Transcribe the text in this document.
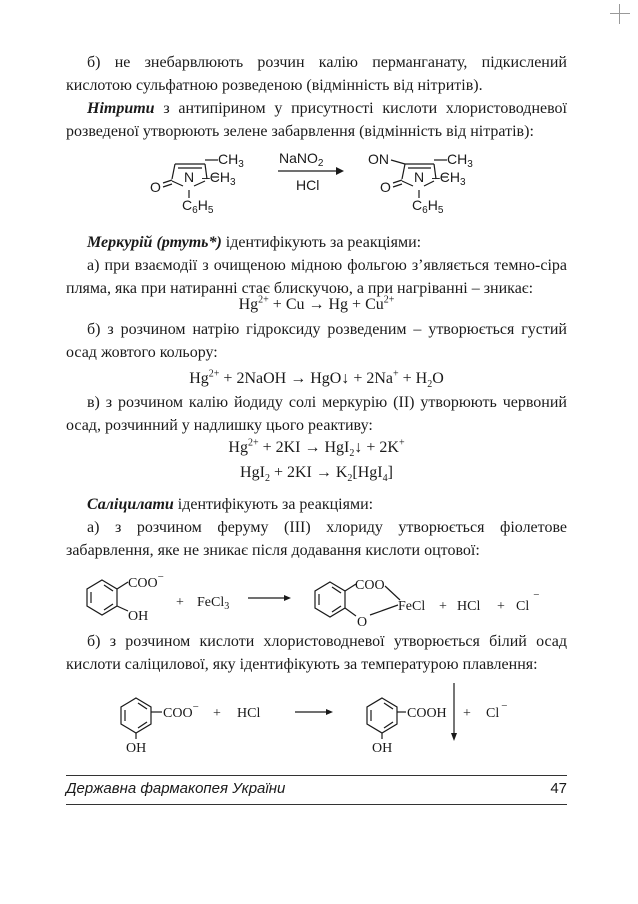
б) не знебарвлюють розчин калію перманганату, підкислений кислотою сульфатною розведеною (відмінність від нітритів).
Нітрити з антипірином у присутності кислоти хлористоводневої розведеної утворюють зелене забарвлення (відмінність від нітратів):
$CH_3$
N $-CH_3$
O
$C_6H_5$
NaNO$_2$
HCl
ON	$CH_3$
N $-CH_3$
O
$C_6H_5$
Меркурій (ртуть*) ідентифікують за реакціями:
а) при взаємодії з очищеною мідною фольгою з’являється темно-сіра пляма, яка при натиранні стає блискучою, а при нагріванні – зникає:
$Hg^{2+} + Cu \to Hg + Cu^{2+}$
б) з розчином натрію гідроксиду розведеним – утворюється густий осад жовтого кольору:
$Hg^{2+}$ + 2NaOH → HgO↓ + $2Na^+ + H_2O$
в) з розчином калію йодиду солі меркурію (II) утворюють червоний осад, розчинний у надлишку цього реактиву:
$Hg^{2+} + 2KI$ → HgI$_2$↓ + 2K+
$HgI_2 + 2KI \to K_2[HgI_4]$
Саліцилати ідентифікують за реакціями:
а) з розчином феруму (III) хлориду утворюється фіолетове забарвлення, яке не зникає після додавання кислоти оцтової:
COO−
OH
+ FeCl$_3$
COO
O
FeCl + HCl + Cl−
б) з розчином кислоти хлористоводневої утворюється білий осад кислоти саліцилової, яку ідентифікують за температурою плавлення:
COO− + HCl
OH
COOH
OH
+ Cl −
Державна фармакопея України	47
